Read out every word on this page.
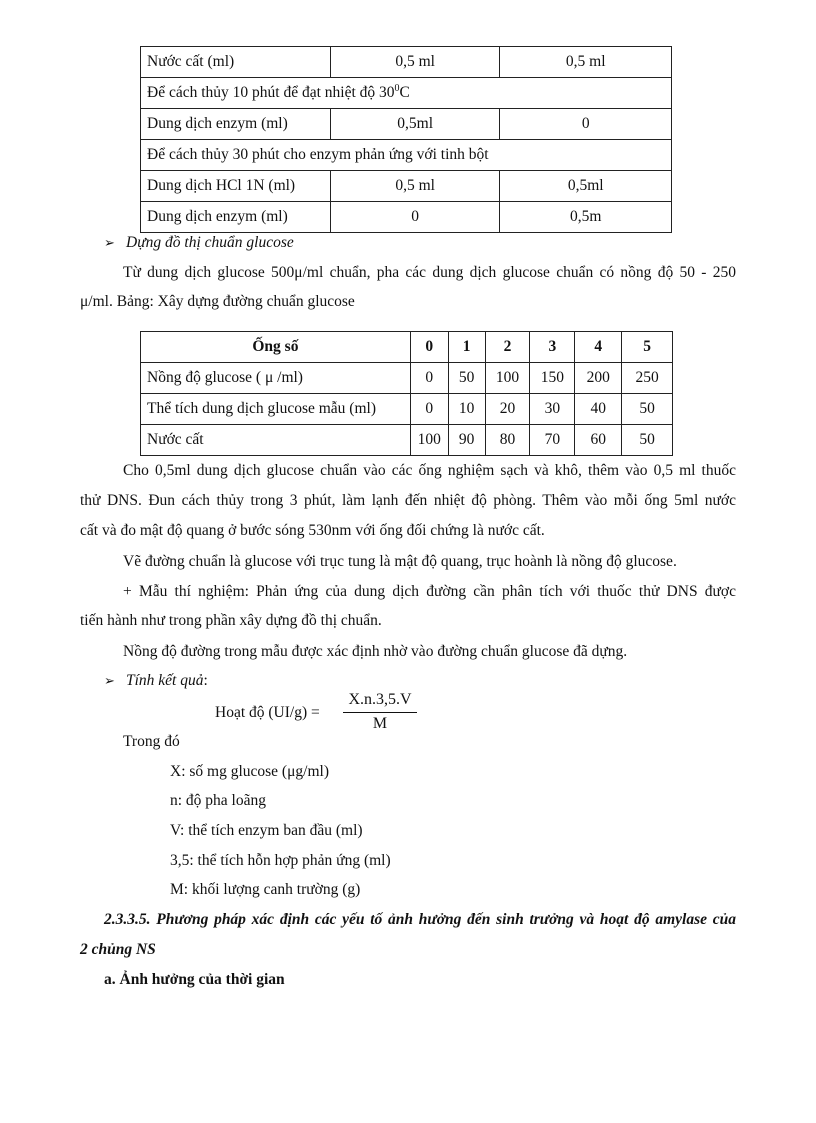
Nước cất (ml)	0,5 ml	0,5 ml
Để cách thủy 10 phút để đạt nhiệt độ $30^0C$		
Dung dịch enzym (ml)	0,5ml	0
Để cách thủy 30 phút cho enzym phản ứng với tinh bột		
Dung dịch HCl 1N (ml)	0,5 ml	0,5ml
Dung dịch enzym (ml)	0	0,5m
➢ Dựng đồ thị chuẩn glucose
Từ dung dịch glucose 500μ/ml chuẩn, pha các dung dịch glucose chuẩn có nồng độ 50 - 250
μ/ml. Bảng: Xây dựng đường chuẩn glucose
Ống số	0	1	2	3	4	5
Nồng độ glucose ( μ /ml)	0	50	100	150	200	250
Thể tích dung dịch glucose mẫu (ml)	0	10	20	30	40	50
Nước cất	100	90	80	70	60	50
Cho 0,5ml dung dịch glucose chuẩn vào các ống nghiệm sạch và khô, thêm vào 0,5 ml thuốc
thử DNS. Đun cách thủy trong 3 phút, làm lạnh đến nhiệt độ phòng. Thêm vào mỗi ống 5ml nước
cất và đo mật độ quang ở bước sóng 530nm với ống đối chứng là nước cất.
Vẽ đường chuẩn là glucose với trục tung là mật độ quang, trục hoành là nồng độ glucose.
+ Mẫu thí nghiệm: Phản ứng của dung dịch đường cần phân tích với thuốc thử DNS được
tiến hành như trong phần xây dựng đồ thị chuẩn.
Nồng độ đường trong mẫu được xác định nhờ vào đường chuẩn glucose đã dựng.
➢ Tính kết quả:
Hoạt độ $(UI/g) = \frac{X.n.3,5.V}{M}$
Trong đó
X: số mg glucose (μg/ml)
n: độ pha loãng
V: thể tích enzym ban đầu (ml)
3,5: thể tích hỗn hợp phản ứng (ml)
M: khối lượng canh trường (g)
2.3.3.5. Phương pháp xác định các yếu tố ảnh hưởng đến sinh trưởng và hoạt độ amylase của
2 chủng NS
a. Ảnh hưởng của thời gian
